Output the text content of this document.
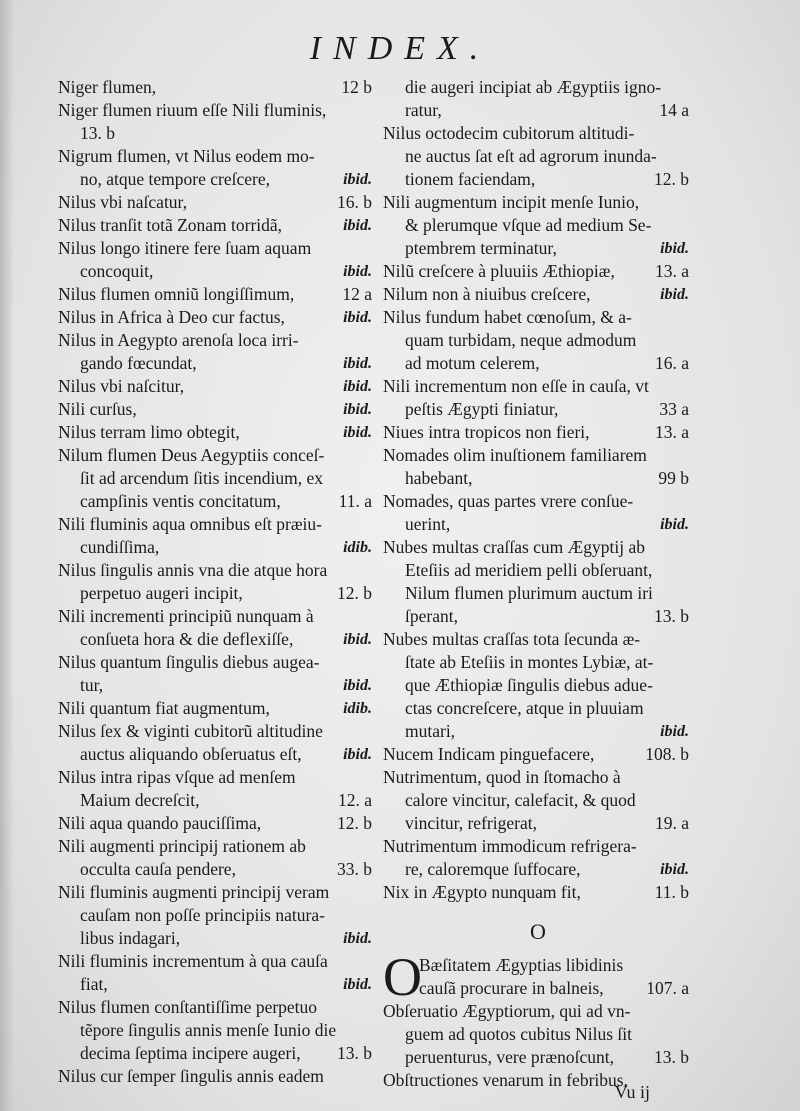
INDEX.
Niger flumen,	12 b
Niger flumen riuum eſſe Nili fluminis,
13. b
Nigrum flumen, vt Nilus eodem mo-
no, atque tempore creſcere,	ibid.
Nilus vbi naſcatur,	16. b
Nilus tranſit totã Zonam torridã,	ibid.
Nilus longo itinere fere ſuam aquam
concoquit,	ibid.
Nilus flumen omniũ longiſſimum,	12 a
Nilus in Africa à Deo cur factus,	ibid.
Nilus in Aegypto arenoſa loca irri-
gando fœcundat,	ibid.
Nilus vbi naſcitur,	ibid.
Nili curſus,	ibid.
Nilus terram limo obtegit,	ibid.
Nilum flumen Deus Aegyptiis conceſ-
ſit ad arcendum ſitis incendium, ex
campſinis ventis concitatum,	11. a
Nili fluminis aqua omnibus eſt præiu-
cundiſſima,	idib.
Nilus ſingulis annis vna die atque hora
perpetuo augeri incipit,	12. b
Nili incrementi principiũ nunquam à
conſueta hora & die deflexiſſe,	ibid.
Nilus quantum ſingulis diebus augea-
tur,	ibid.
Nili quantum fiat augmentum,	idib.
Nilus ſex & viginti cubitorũ altitudine
auctus aliquando obſeruatus eſt,	ibid.
Nilus intra ripas vſque ad menſem
Maium decreſcit,	12. a
Nili aqua quando pauciſſima,	12. b
Nili augmenti principij rationem ab
occulta cauſa pendere,	33. b
Nili fluminis augmenti principij veram
cauſam non poſſe principiis natura-
libus indagari,	ibid.
Nili fluminis incrementum à qua cauſa
fiat,	ibid.
Nilus flumen conſtantiſſime perpetuo
tẽpore ſingulis annis menſe Iunio die
decima ſeptima incipere augeri, 13. b
Nilus cur ſemper ſingulis annis eadem
die augeri incipiat ab Ægyptiis igno-
ratur,	14 a
Nilus octodecim cubitorum altitudi-
ne auctus ſat eſt ad agrorum inunda-
tionem faciendam,	12. b
Nili augmentum incipit menſe Iunio,
& plerumque vſque ad medium Se-
ptembrem terminatur,	ibid.
Nilũ creſcere à pluuiis Æthiopiæ, 13. a
Nilum non à niuibus creſcere,	ibid.
Nilus fundum habet cœnoſum, & a-
quam turbidam, neque admodum
ad motum celerem,	16. a
Nili incrementum non eſſe in cauſa, vt
peſtis Ægypti finiatur,	33 a
Niues intra tropicos non fieri,	13. a
Nomades olim inuſtionem familiarem
habebant,	99 b
Nomades, quas partes vrere conſue-
uerint,	ibid.
Nubes multas craſſas cum Ægyptij ab
Eteſiis ad meridiem pelli obſeruant,
Nilum flumen plurimum auctum iri
ſperant,	13. b
Nubes multas craſſas tota ſecunda æ-
ſtate ab Eteſiis in montes Lybiæ, at-
que Æthiopiæ ſingulis diebus adue-
ctas concreſcere, atque in pluuiam
mutari,	ibid.
Nucem Indicam pinguefacere,	108. b
Nutrimentum, quod in ſtomacho à
calore vincitur, calefacit, & quod
vincitur, refrigerat,	19. a
Nutrimentum immodicum refrigera-
re, caloremque ſuffocare,	ibid.
Nix in Ægypto nunquam fit,	11. b
O
O
Bæſitatem Ægyptias libidinis
cauſã procurare in balneis, 107. a
Obſeruatio Ægyptiorum, qui ad vn-
guem ad quotos cubitus Nilus ſit
peruenturus, vere prænoſcunt, 13. b
Obſtructiones venarum in febribus,
Vu ij
